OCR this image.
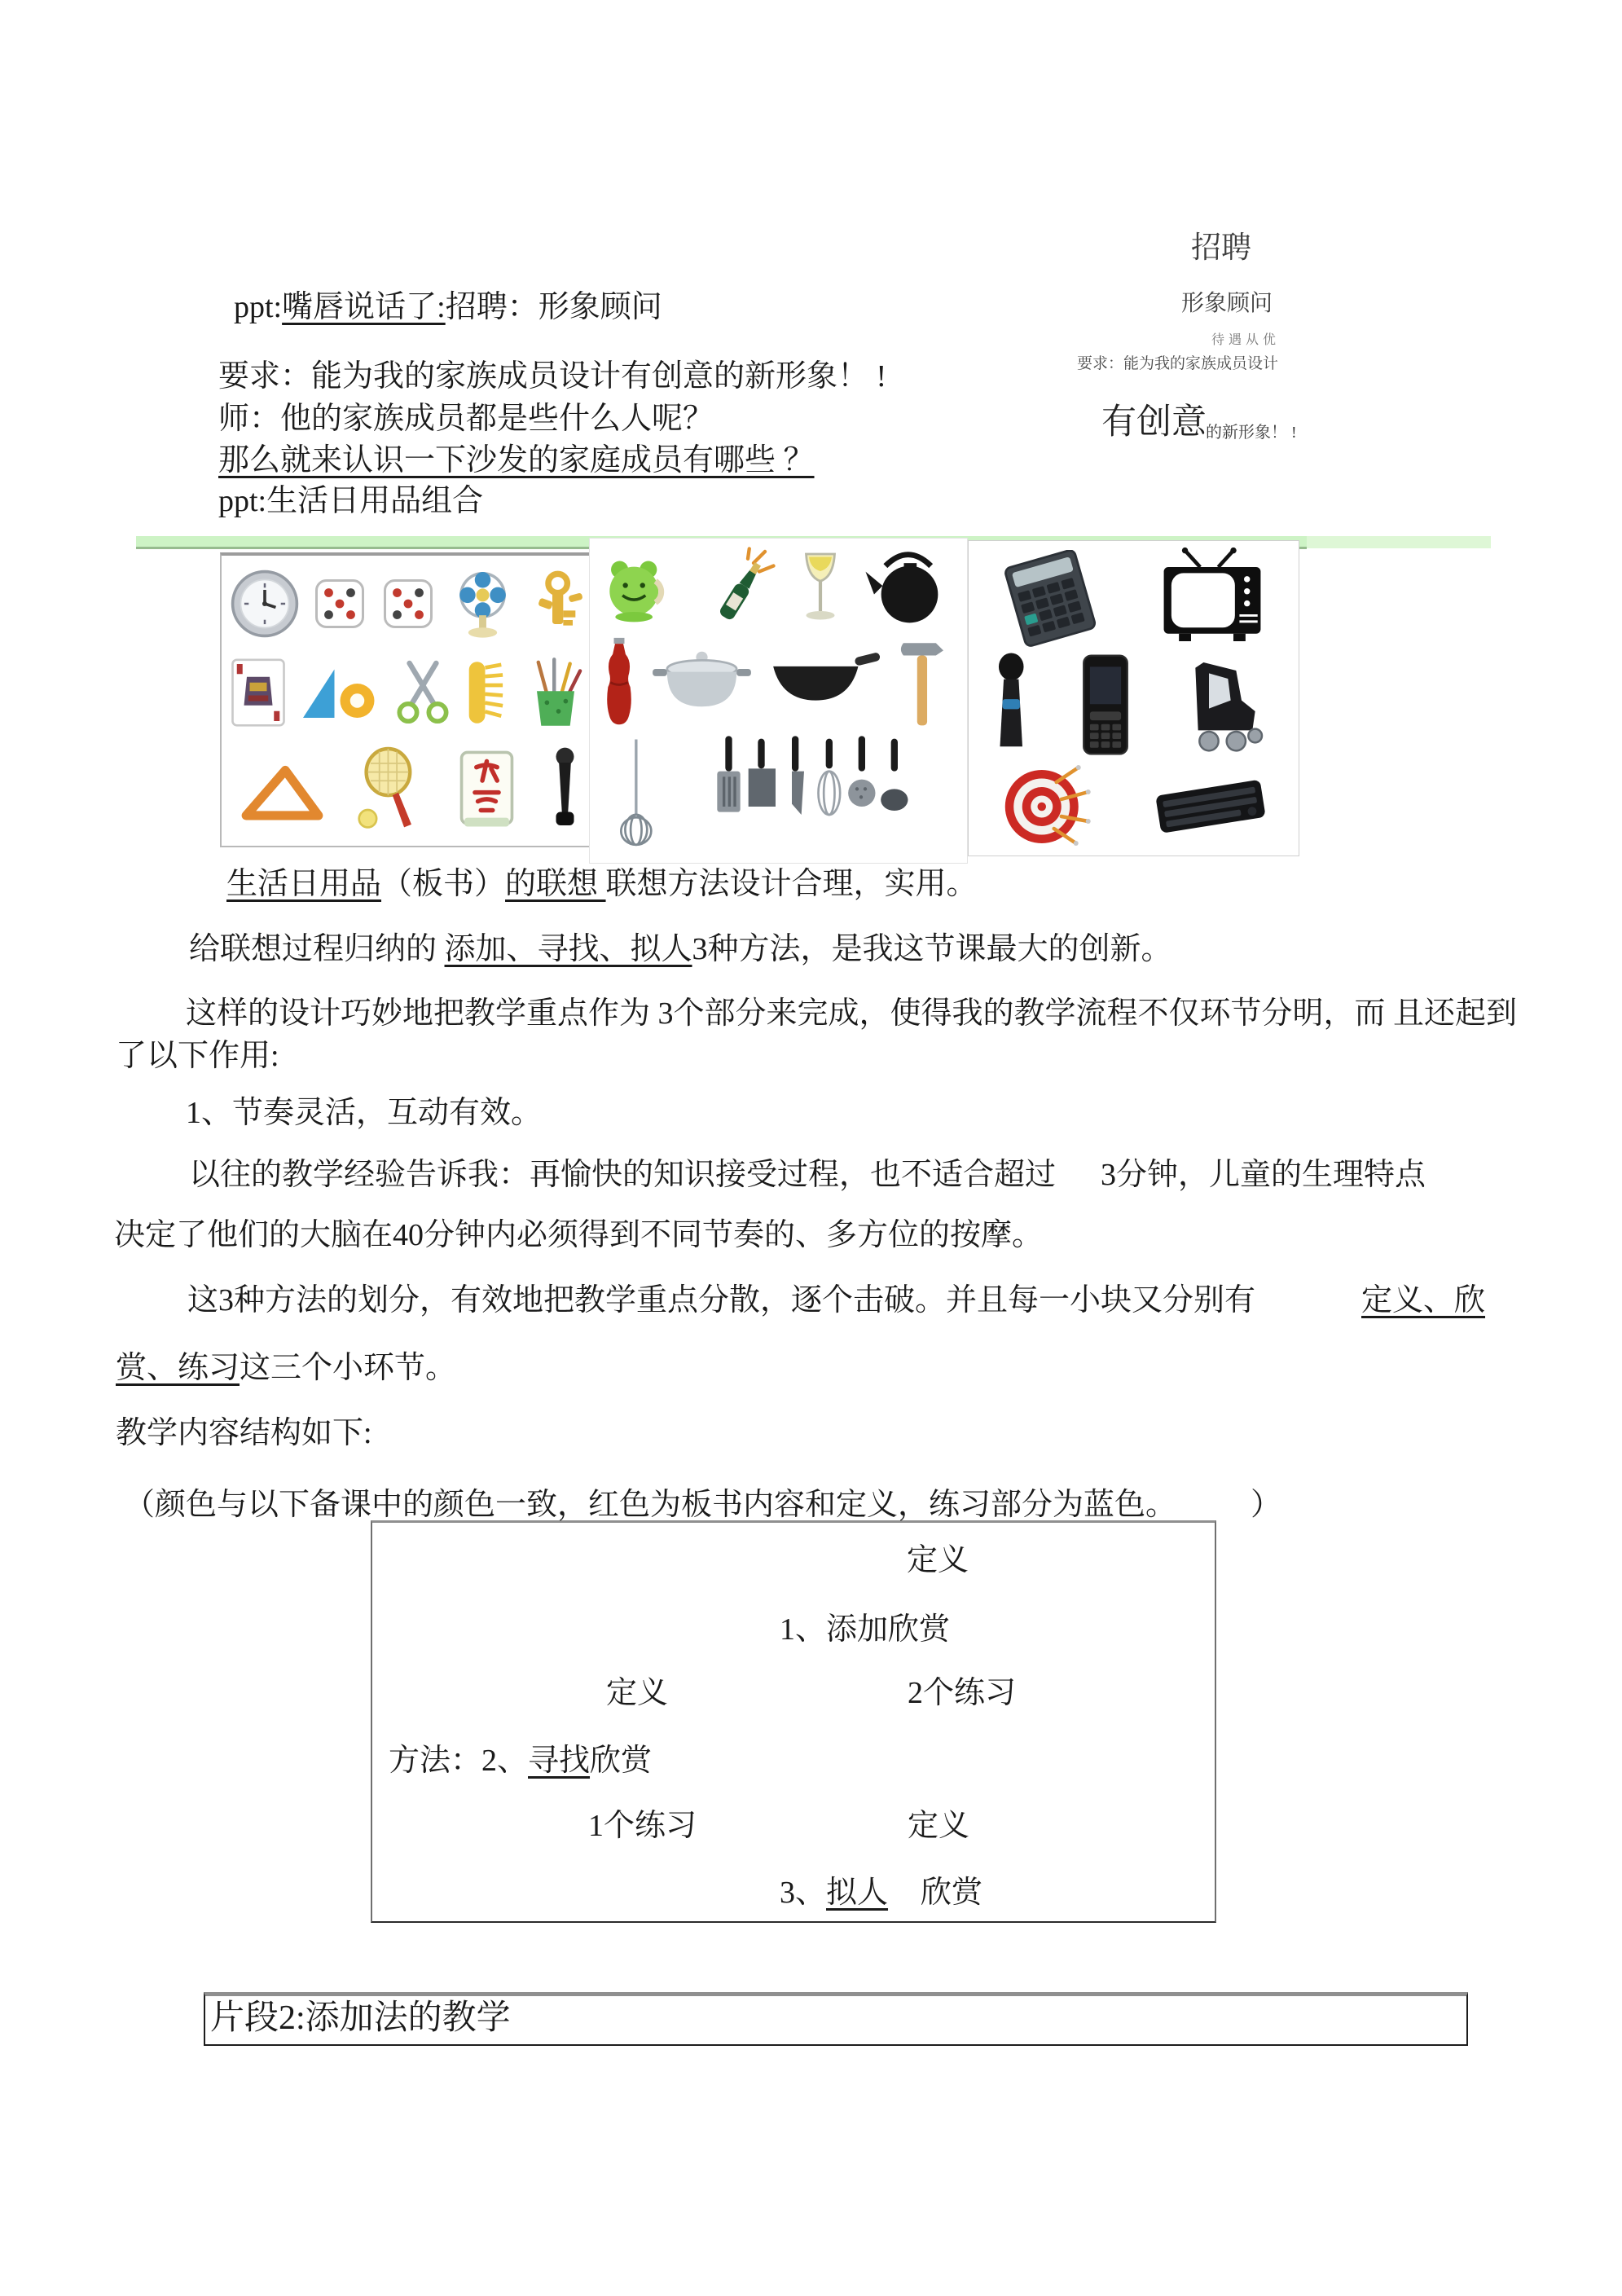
ppt:嘴唇说话了:招聘：形象顾问
要求：能为我的家族成员设计有创意的新形象！ !
师：他的家族成员都是些什么人呢？
那么就来认识一下沙发的家庭成员有哪些 ？
ppt:生活日用品组合
生活日用品（板书）的联想 联想方法设计合理，实用。
给联想过程归纳的 添加、寻找、拟人3种方法，是我这节课最大的创新。
这样的设计巧妙地把教学重点作为 3个部分来完成，使得我的教学流程不仅环节分明，而 且还起到
了以下作用:
1、节奏灵活，互动有效。
以往的教学经验告诉我：再愉快的知识接受过程，也不适合超过 3分钟，儿童的生理特点
决定了他们的大脑在40分钟内必须得到不同节奏的、多方位的按摩。
这3种方法的划分，有效地把教学重点分散，逐个击破。并且每一小块又分别有	定义、欣
赏、练习这三个小环节。
教学内容结构如下:
（颜色与以下备课中的颜色一致，红色为板书内容和定义，练习部分为蓝色。	）
招聘
形象顾问
待遇从优
要求：能为我的家族成员设计
有创意 的新形象！ !
定义
1、添加欣赏
定义	2个练习
方法：2、寻找欣赏
1个练习	定义
3、拟人 欣赏
片段2:添加法的教学
